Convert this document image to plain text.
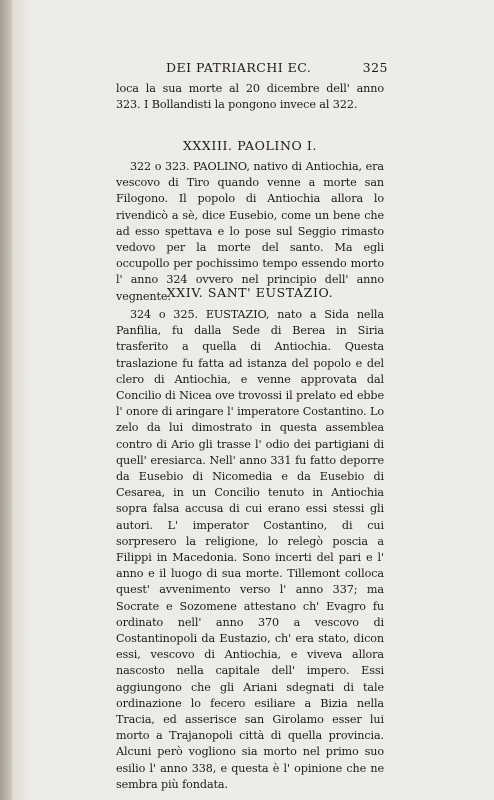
DEI PATRIARCHI EC.	325

loca la sua morte al 20 dicembre dell' anno 323. I Bollandisti la pongono invece al 322.

XXXIII. PAOLINO I.

322 o 323. PAOLINO, nativo di Antiochia, era vescovo di Tiro quando venne a morte san Filogono. Il popolo di Antiochia allora lo rivendicò a sè, dice Eusebio, come un bene che ad esso spettava e lo pose sul Seggio rimasto vedovo per la morte del santo. Ma egli occupollo per pochissimo tempo essendo morto l' anno 324 ovvero nel principio dell' anno vegnente.

XXIV. SANT' EUSTAZIO.

324 o 325. EUSTAZIO, nato a Sida nella Panfilia, fu dalla Sede di Berea in Siria trasferito a quella di Antiochia. Questa traslazione fu fatta ad istanza del popolo e del clero di Antiochia, e venne approvata dal Concilio di Nicea ove trovossi il prelato ed ebbe l' onore di aringare l' imperatore Costantino. Lo zelo da lui dimostrato in questa assemblea contro di Ario gli trasse l' odio dei partigiani di quell' eresiarca. Nell' anno 331 fu fatto deporre da Eusebio di Nicomedia e da Eusebio di Cesarea, in un Concilio tenuto in Antiochia sopra falsa accusa di cui erano essi stessi gli autori. L' imperator Costantino, di cui sorpresero la religione, lo relegò poscia a Filippi in Macedonia. Sono incerti del pari e l' anno e il luogo di sua morte. Tillemont colloca quest' avvenimento verso l' anno 337; ma Socrate e Sozomene attestano ch' Evagro fu ordinato nell' anno 370 a vescovo di Costantinopoli da Eustazio, ch' era stato, dicon essi, vescovo di Antiochia, e viveva allora nascosto nella capitale dell' impero. Essi aggiungono che gli Ariani sdegnati di tale ordinazione lo fecero esiliare a Bizia nella Tracia, ed asserisce san Girolamo esser lui morto a Trajanopoli città di quella provincia. Alcuni però vogliono sia morto nel primo suo esilio l' anno 338, e questa è l' opinione che ne sembra più fondata.
